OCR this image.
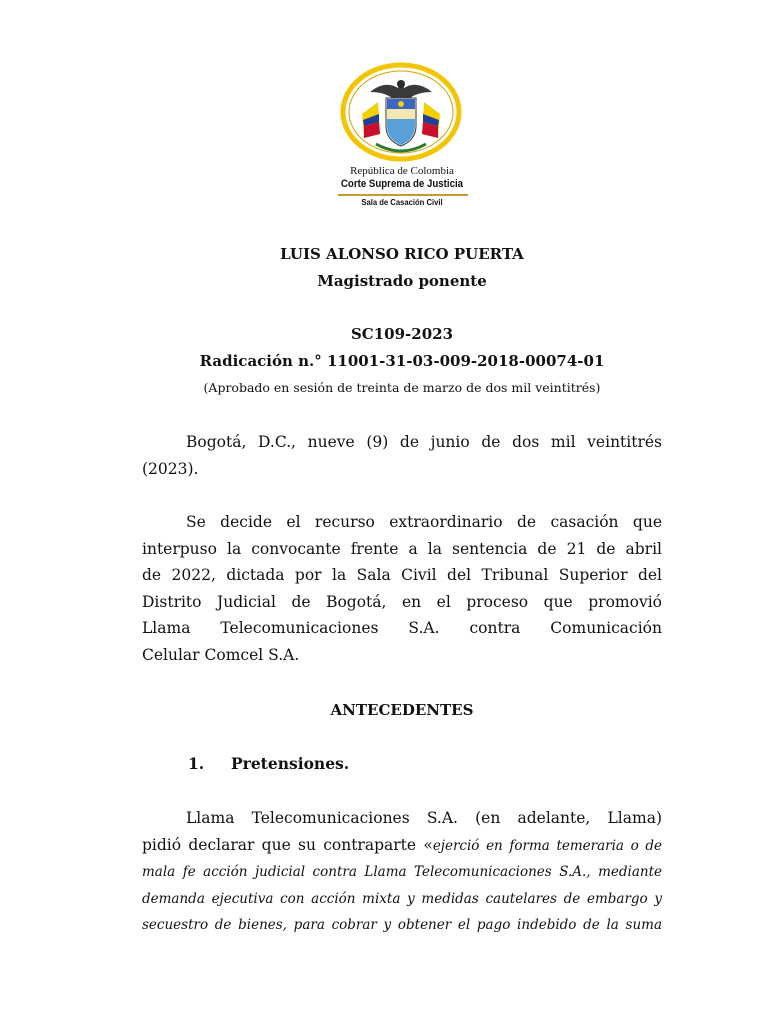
República de Colombia
Corte Suprema de Justicia
Sala de Casación Civil
LUIS ALONSO RICO PUERTA
Magistrado ponente
SC109-2023
Radicación n.° 11001-31-03-009-2018-00074-01
(Aprobado en sesión de treinta de marzo de dos mil veintitrés)
Bogotá, D.C., nueve (9) de junio de dos mil veintitrés
(2023).
Se decide el recurso extraordinario de casación que
interpuso la convocante frente a la sentencia de 21 de abril
de 2022, dictada por la Sala Civil del Tribunal Superior del
Distrito Judicial de Bogotá, en el proceso que promovió
Llama Telecomunicaciones S.A. contra Comunicación
Celular Comcel S.A.
ANTECEDENTES
1. Pretensiones.
Llama Telecomunicaciones S.A. (en adelante, Llama)
pidió declarar que su contraparte «ejerció en forma temeraria o de
mala fe acción judicial contra Llama Telecomunicaciones S.A., mediante
demanda ejecutiva con acción mixta y medidas cautelares de embargo y
secuestro de bienes, para cobrar y obtener el pago indebido de la suma
